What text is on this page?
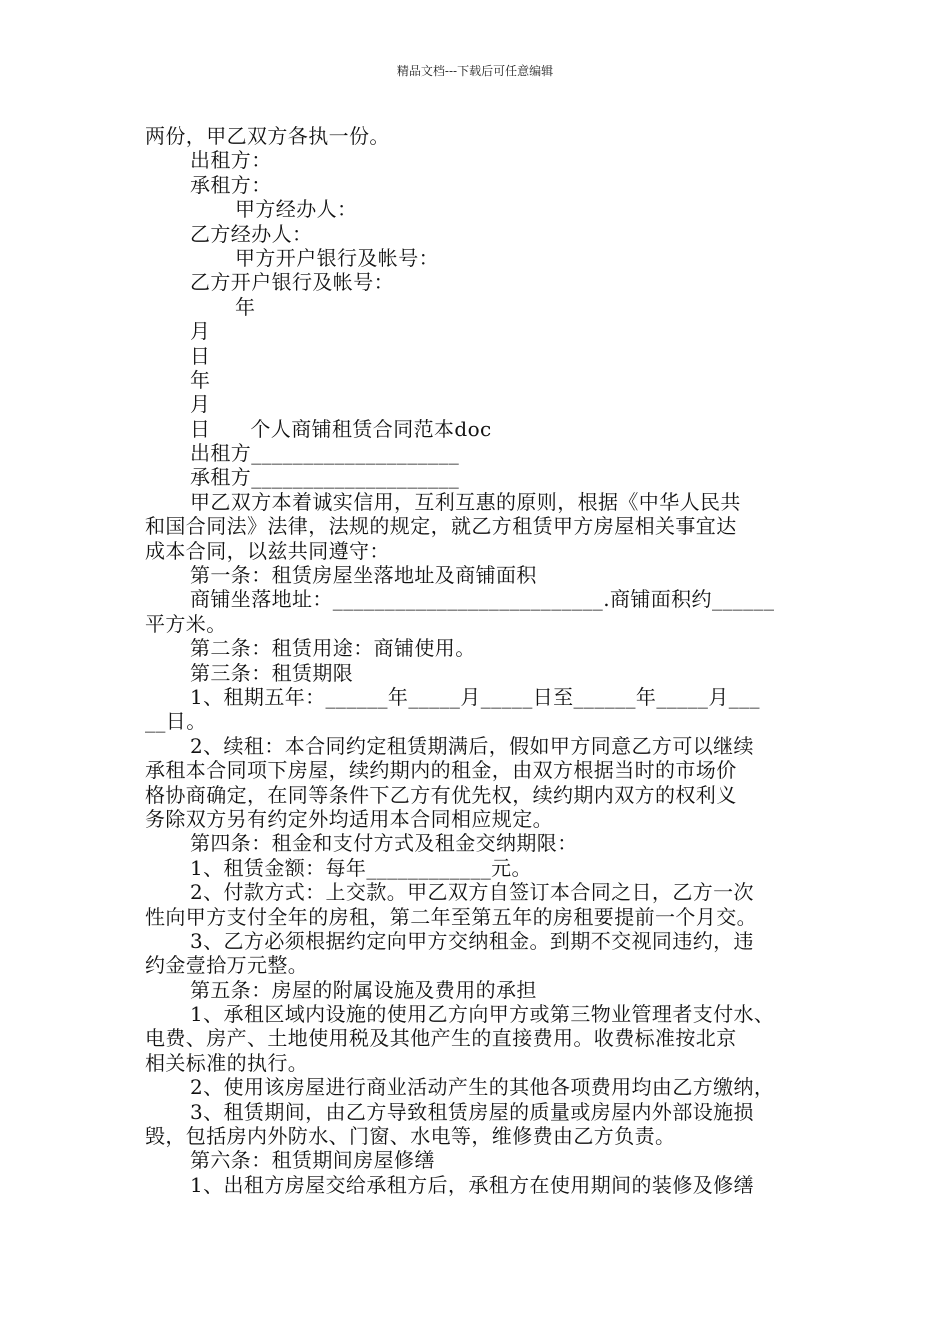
精品文档---下载后可任意编辑
两份，甲乙双方各执一份。
出租方：
承租方：
甲方经办人：
乙方经办人：
甲方开户银行及帐号：
乙方开户银行及帐号：
年
月
日
年
月
日 个人商铺租赁合同范本doc
出租方____________________
承租方____________________
甲乙双方本着诚实信用，互利互惠的原则，根据《中华人民共
和国合同法》法律，法规的规定，就乙方租赁甲方房屋相关事宜达
成本合同，以兹共同遵守：
第一条：租赁房屋坐落地址及商铺面积
商铺坐落地址：__________________________.商铺面积约______
平方米。
第二条：租赁用途：商铺使用。
第三条：租赁期限
1、租期五年：______年_____月_____日至______年_____月___
__日。
2、续租：本合同约定租赁期满后，假如甲方同意乙方可以继续
承租本合同项下房屋，续约期内的租金，由双方根据当时的市场价
格协商确定，在同等条件下乙方有优先权，续约期内双方的权利义
务除双方另有约定外均适用本合同相应规定。
第四条：租金和支付方式及租金交纳期限：
1、租赁金额：每年____________元。
2、付款方式：上交款。甲乙双方自签订本合同之日，乙方一次
性向甲方支付全年的房租，第二年至第五年的房租要提前一个月交。
3、乙方必须根据约定向甲方交纳租金。到期不交视同违约，违
约金壹拾万元整。
第五条：房屋的附属设施及费用的承担
1、承租区域内设施的使用乙方向甲方或第三物业管理者支付水、
电费、房产、土地使用税及其他产生的直接费用。收费标准按北京
相关标准的执行。
2、使用该房屋进行商业活动产生的其他各项费用均由乙方缴纳，
3、租赁期间，由乙方导致租赁房屋的质量或房屋内外部设施损
毁，包括房内外防水、门窗、水电等，维修费由乙方负责。
第六条：租赁期间房屋修缮
1、出租方房屋交给承租方后，承租方在使用期间的装修及修缮
